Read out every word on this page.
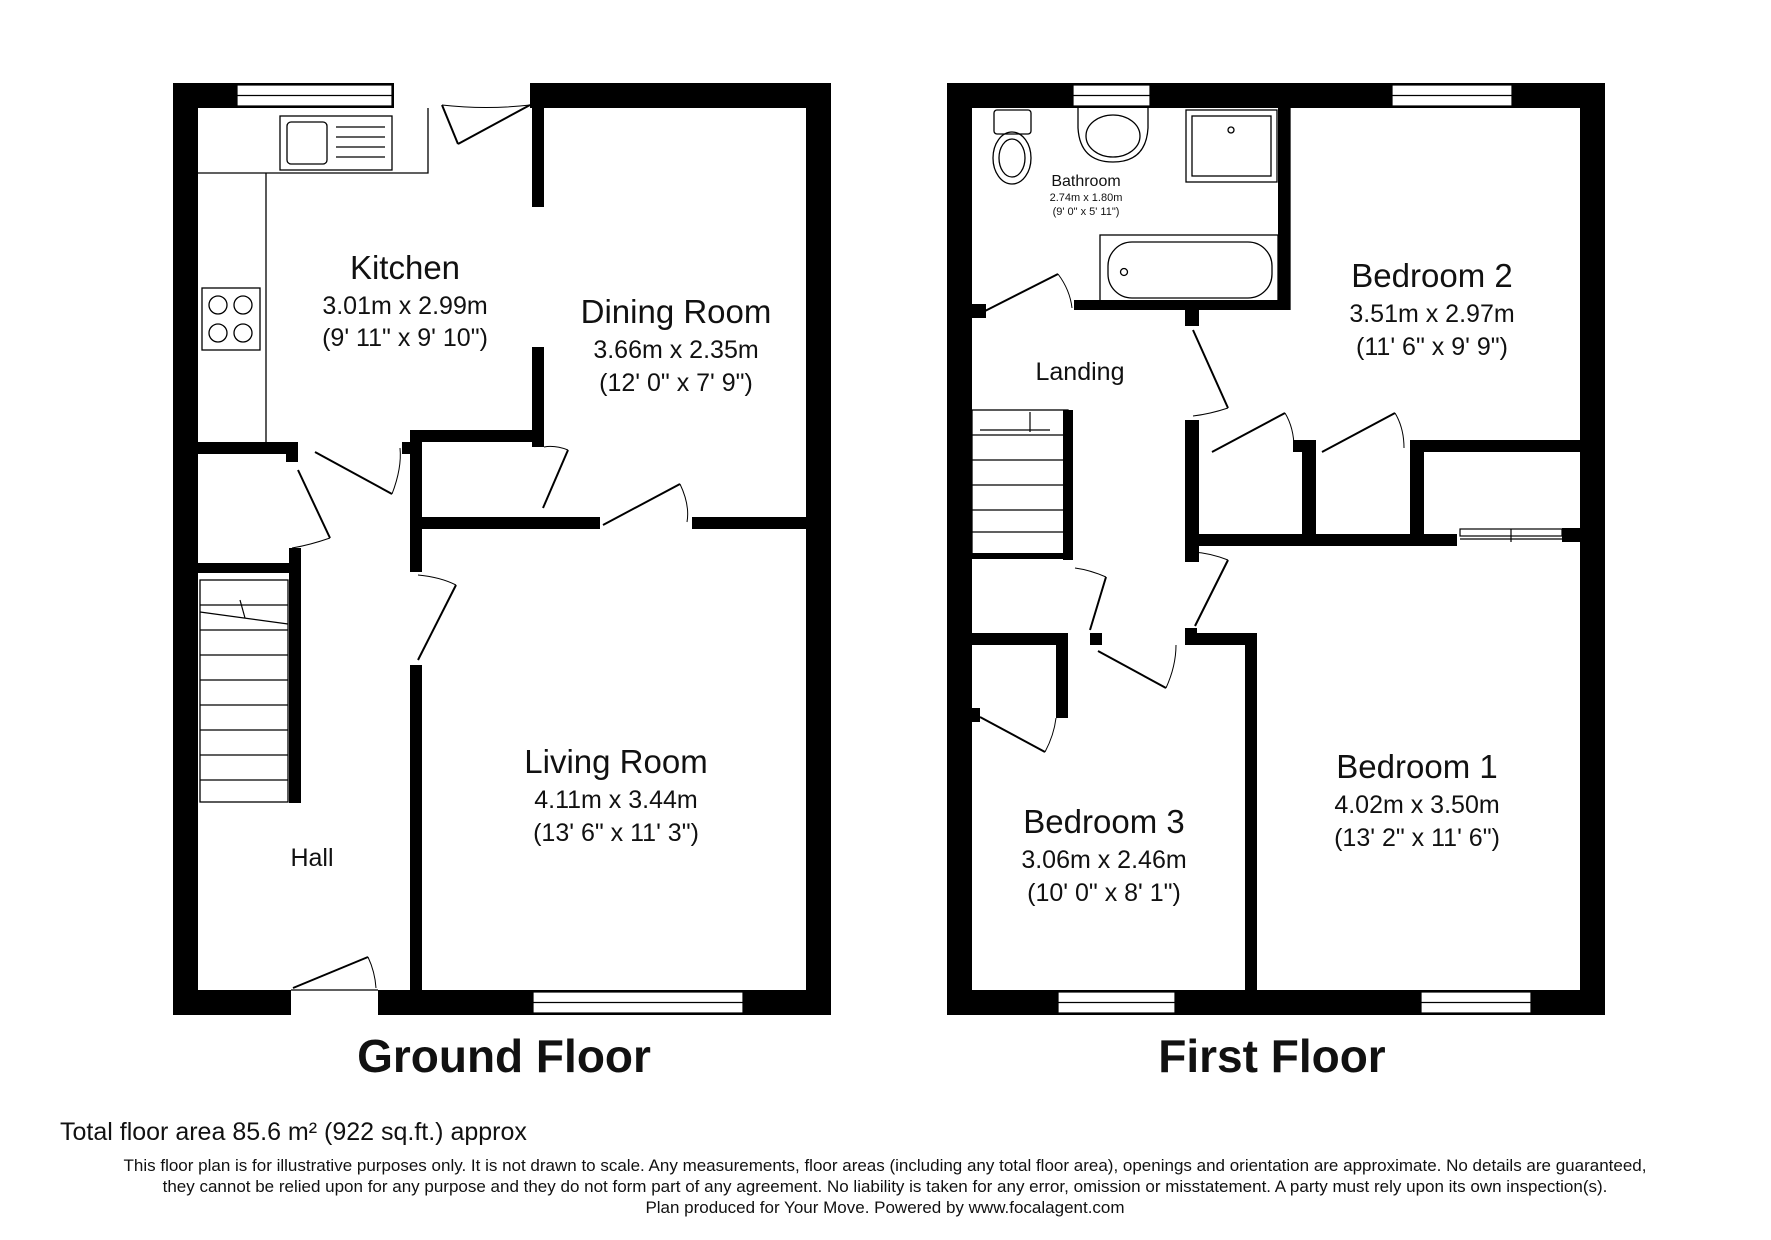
Kitchen
3.01m x 2.99m
(9' 11" x 9' 10")
Dining Room
3.66m x 2.35m
(12' 0" x 7' 9")
Living Room
4.11m x 3.44m
(13' 6" x 11' 3")
Hall
Ground Floor
Bathroom
2.74m x 1.80m
(9' 0" x 5' 11")
Bedroom 2
3.51m x 2.97m
(11' 6" x 9' 9")
Landing
Bedroom 3
3.06m x 2.46m
(10' 0" x 8' 1")
Bedroom 1
4.02m x 3.50m
(13' 2" x 11' 6")
First Floor
Total floor area 85.6 m² (922 sq.ft.) approx
This floor plan is for illustrative purposes only. It is not drawn to scale. Any measurements, floor areas (including any total floor area), openings and orientation are approximate. No details are guaranteed,
they cannot be relied upon for any purpose and they do not form part of any agreement. No liability is taken for any error, omission or misstatement. A party must rely upon its own inspection(s).
Plan produced for Your Move. Powered by www.focalagent.com
